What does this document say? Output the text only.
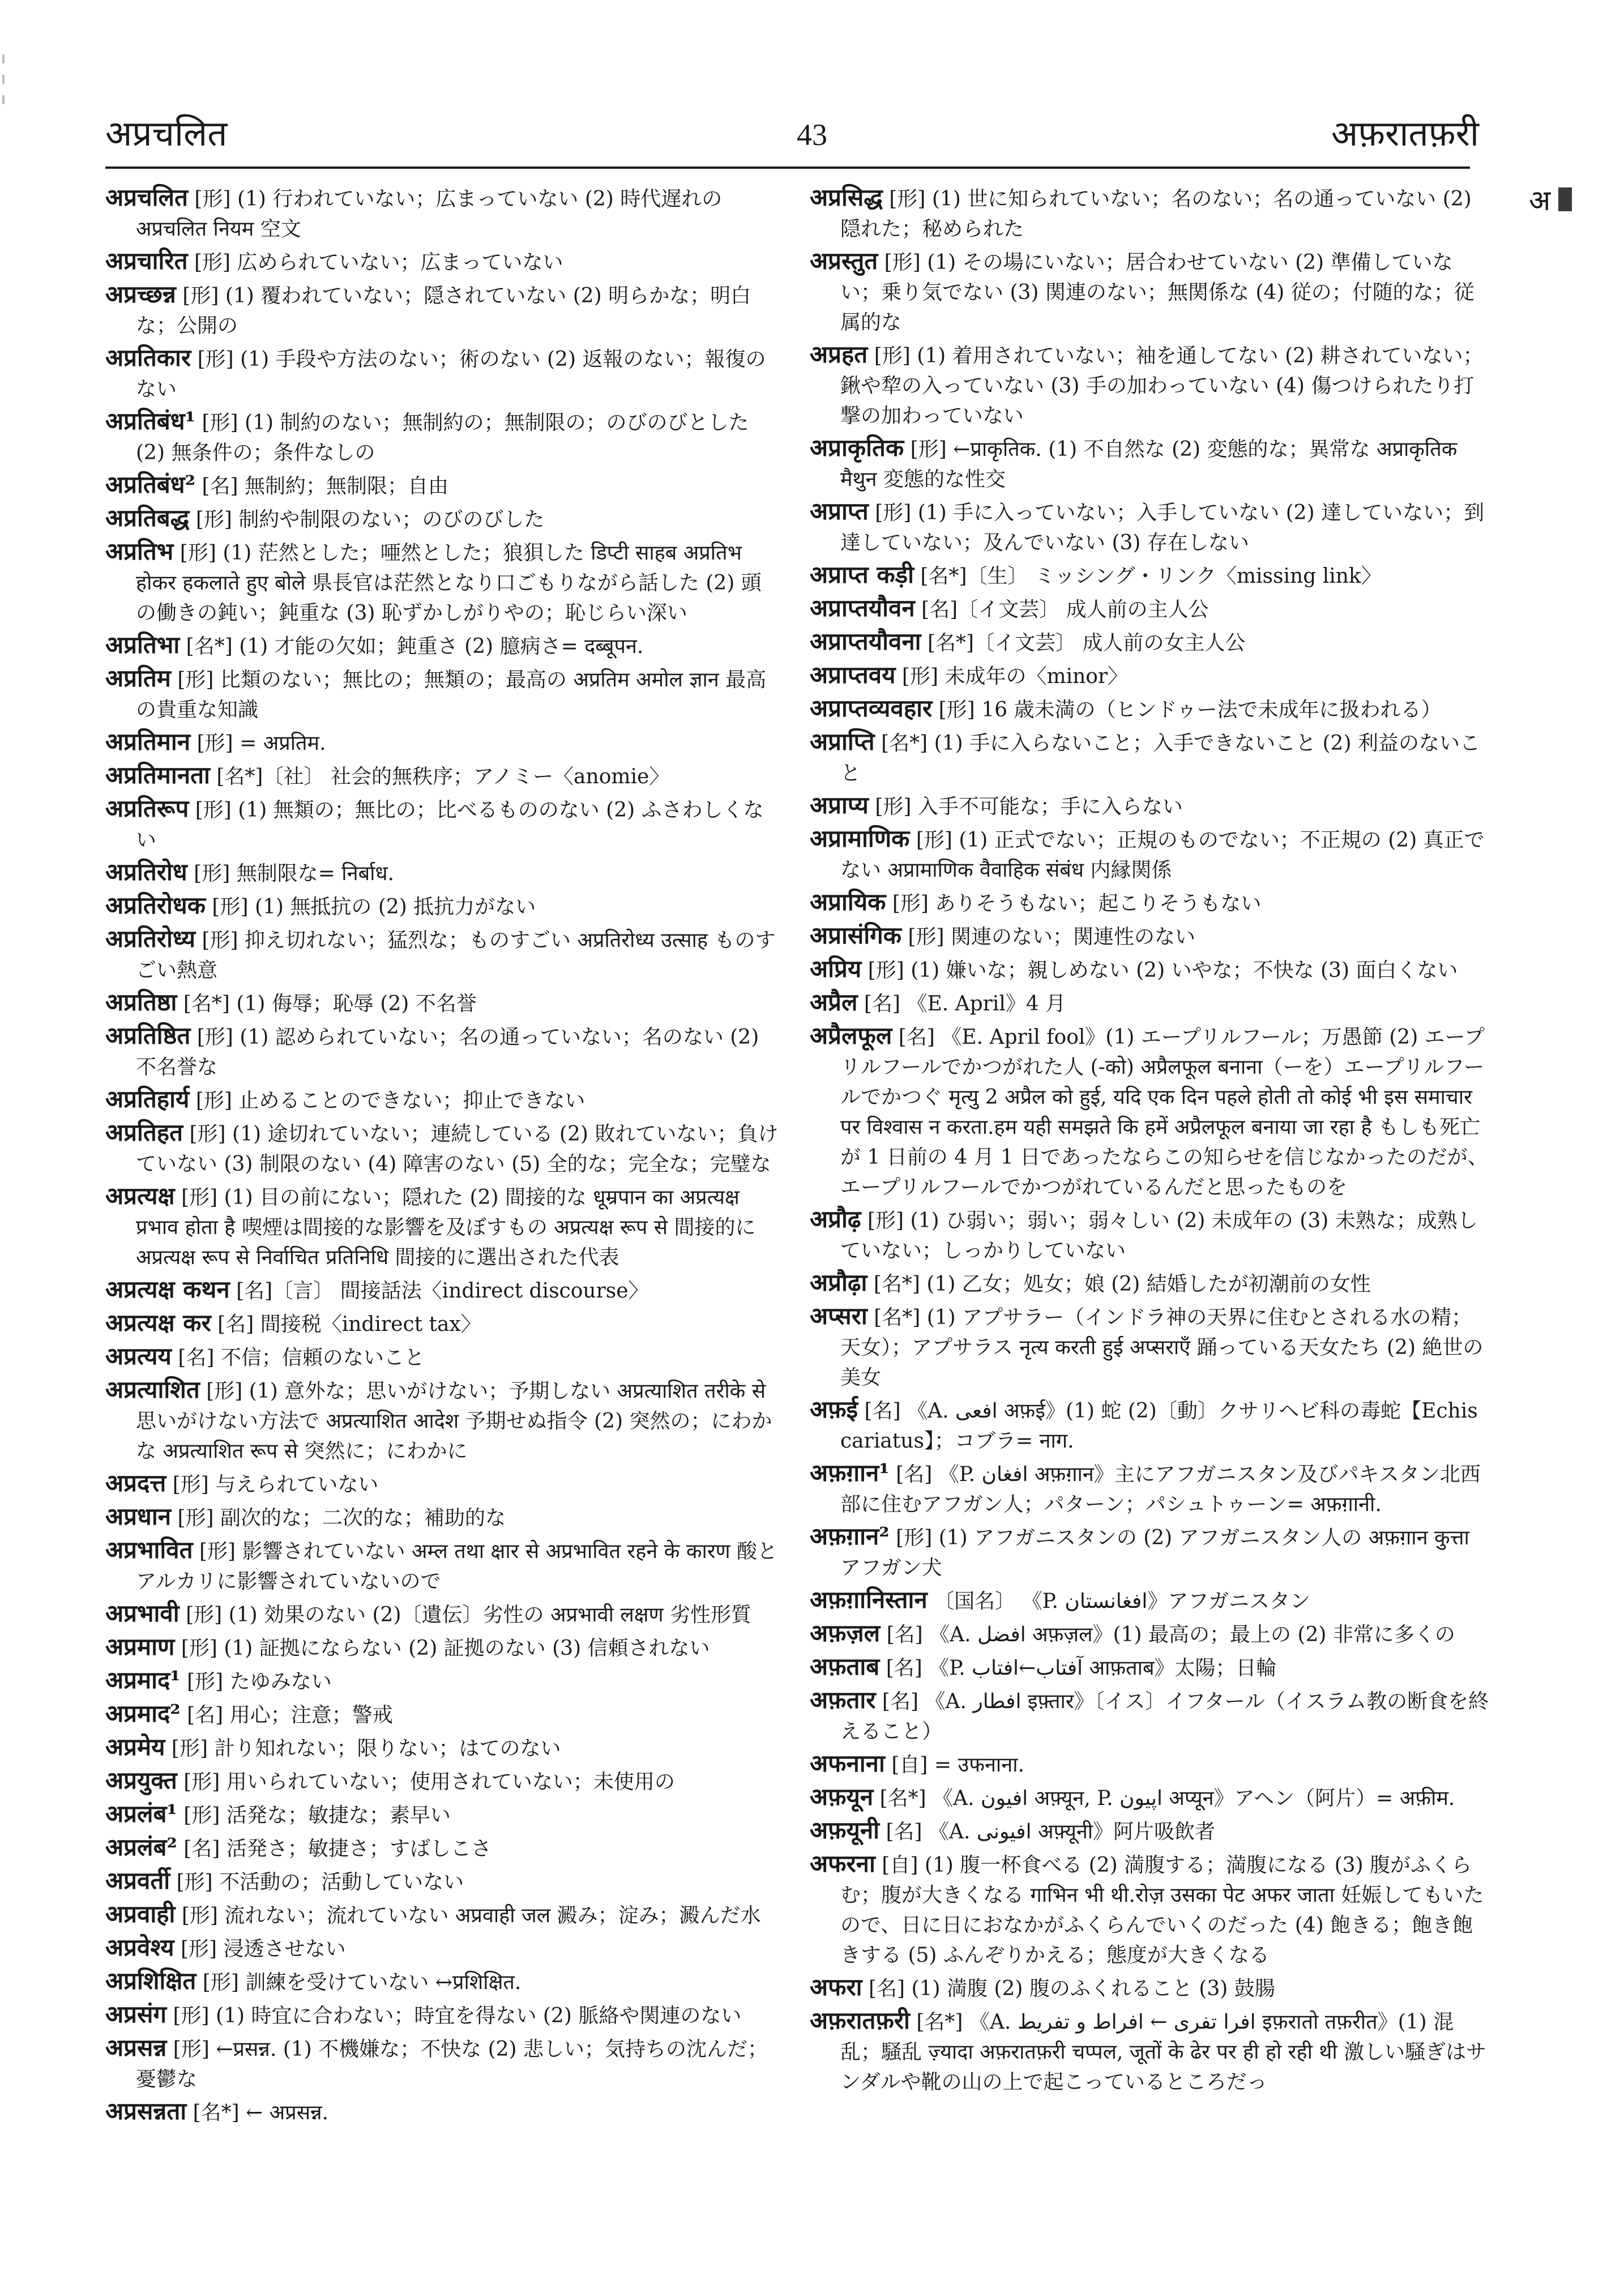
अप्रचलित	43	अफ़रातफ़री
अ

अप्रचलित [形] (1) 行われていない；広まっていない (2) 時代遅れの अप्रचलित नियम 空文

अप्रचारित [形] 広められていない；広まっていない

अप्रच्छन्न [形] (1) 覆われていない；隠されていない (2) 明らかな；明白な；公開の

अप्रतिकार [形] (1) 手段や方法のない；術のない (2) 返報のない；報復のない

अप्रतिबंध¹ [形] (1) 制約のない；無制約の；無制限の；のびのびとした (2) 無条件の；条件なしの

अप्रतिबंध² [名] 無制約；無制限；自由

अप्रतिबद्ध [形] 制約や制限のない；のびのびした

अप्रतिभ [形] (1) 茫然とした；唖然とした；狼狽した डिप्टी साहब अप्रतिभ होकर हकलाते हुए बोले 県長官は茫然となり口ごもりながら話した (2) 頭の働きの鈍い；鈍重な (3) 恥ずかしがりやの；恥じらい深い

अप्रतिभा [名*] (1) 才能の欠如；鈍重さ (2) 臆病さ= दब्बूपन.

अप्रतिम [形] 比類のない；無比の；無類の；最高の अप्रतिम अमोल ज्ञान 最高の貴重な知識

अप्रतिमान [形] = अप्रतिम.

अप्रतिमानता [名*]〔社〕 社会的無秩序；アノミー〈anomie〉

अप्रतिरूप [形] (1) 無類の；無比の；比べるもののない (2) ふさわしくない

अप्रतिरोध [形] 無制限な= निर्बाध.

अप्रतिरोधक [形] (1) 無抵抗の (2) 抵抗力がない

अप्रतिरोध्य [形] 抑え切れない；猛烈な；ものすごい अप्रतिरोध्य उत्साह ものすごい熱意

अप्रतिष्ठा [名*] (1) 侮辱；恥辱 (2) 不名誉

अप्रतिष्ठित [形] (1) 認められていない；名の通っていない；名のない (2) 不名誉な

अप्रतिहार्य [形] 止めることのできない；抑止できない

अप्रतिहत [形] (1) 途切れていない；連続している (2) 敗れていない；負けていない (3) 制限のない (4) 障害のない (5) 全的な；完全な；完璧な

अप्रत्यक्ष [形] (1) 目の前にない；隠れた (2) 間接的な धूम्रपान का अप्रत्यक्ष प्रभाव होता है 喫煙は間接的な影響を及ぼすもの अप्रत्यक्ष रूप से 間接的に अप्रत्यक्ष रूप से निर्वाचित प्रतिनिधि 間接的に選出された代表

अप्रत्यक्ष कथन [名]〔言〕 間接話法〈indirect discourse〉

अप्रत्यक्ष कर [名] 間接税〈indirect tax〉

अप्रत्यय [名] 不信；信頼のないこと

अप्रत्याशित [形] (1) 意外な；思いがけない；予期しない अप्रत्याशित तरीके से 思いがけない方法で अप्रत्याशित आदेश 予期せぬ指令 (2) 突然の；にわかな अप्रत्याशित रूप से 突然に；にわかに

अप्रदत्त [形] 与えられていない

अप्रधान [形] 副次的な；二次的な；補助的な

अप्रभावित [形] 影響されていない अम्ल तथा क्षार से अप्रभावित रहने के कारण 酸とアルカリに影響されていないので

अप्रभावी [形] (1) 効果のない (2)〔遺伝〕劣性の अप्रभावी लक्षण 劣性形質

अप्रमाण [形] (1) 証拠にならない (2) 証拠のない (3) 信頼されない

अप्रमाद¹ [形] たゆみない

अप्रमाद² [名] 用心；注意；警戒

अप्रमेय [形] 計り知れない；限りない；はてのない

अप्रयुक्त [形] 用いられていない；使用されていない；未使用の

अप्रलंब¹ [形] 活発な；敏捷な；素早い

अप्रलंब² [名] 活発さ；敏捷さ；すばしこさ

अप्रवर्ती [形] 不活動の；活動していない

अप्रवाही [形] 流れない；流れていない अप्रवाही जल 澱み；淀み；澱んだ水

अप्रवेश्य [形] 浸透させない

अप्रशिक्षित [形] 訓練を受けていない ↔प्रशिक्षित.

अप्रसंग [形] (1) 時宜に合わない；時宜を得ない (2) 脈絡や関連のない

अप्रसन्न [形] ←प्रसन्न. (1) 不機嫌な；不快な (2) 悲しい；気持ちの沈んだ；憂鬱な

अप्रसन्नता [名*] ← अप्रसन्न.

अप्रसिद्ध [形] (1) 世に知られていない；名のない；名の通っていない (2) 隠れた；秘められた

अप्रस्तुत [形] (1) その場にいない；居合わせていない (2) 準備していない；乗り気でない (3) 関連のない；無関係な (4) 従の；付随的な；従属的な

अप्रहत [形] (1) 着用されていない；袖を通してない (2) 耕されていない；鍬や犂の入っていない (3) 手の加わっていない (4) 傷つけられたり打撃の加わっていない

अप्राकृतिक [形] ←प्राकृतिक. (1) 不自然な (2) 変態的な；異常な अप्राकृतिक मैथुन 変態的な性交

अप्राप्त [形] (1) 手に入っていない；入手していない (2) 達していない；到達していない；及んでいない (3) 存在しない

अप्राप्त कड़ी [名*]〔生〕 ミッシング・リンク〈missing link〉

अप्राप्तयौवन [名]〔イ文芸〕 成人前の主人公

अप्राप्तयौवना [名*]〔イ文芸〕 成人前の女主人公

अप्राप्तवय [形] 未成年の〈minor〉

अप्राप्तव्यवहार [形] 16 歳未満の（ヒンドゥー法で未成年に扱われる）

अप्राप्ति [名*] (1) 手に入らないこと；入手できないこと (2) 利益のないこと

अप्राप्य [形] 入手不可能な；手に入らない

अप्रामाणिक [形] (1) 正式でない；正規のものでない；不正規の (2) 真正でない अप्रामाणिक वैवाहिक संबंध 内縁関係

अप्रायिक [形] ありそうもない；起こりそうもない

अप्रासंगिक [形] 関連のない；関連性のない

अप्रिय [形] (1) 嫌いな；親しめない (2) いやな；不快な (3) 面白くない

अप्रैल [名] 《E. April》4 月

अप्रैलफूल [名] 《E. April fool》(1) エープリルフール；万愚節 (2) エープリルフールでかつがれた人 (-को) अप्रैलफूल बनाना（ーを）エープリルフールでかつぐ मृत्यु 2 अप्रैल को हुई, यदि एक दिन पहले होती तो कोई भी इस समाचार पर विश्वास न करता.हम यही समझते कि हमें अप्रैलफूल बनाया जा रहा है もしも死亡が 1 日前の 4 月 1 日であったならこの知らせを信じなかったのだが、エープリルフールでかつがれているんだと思ったものを

अप्रौढ़ [形] (1) ひ弱い；弱い；弱々しい (2) 未成年の (3) 未熟な；成熟していない；しっかりしていない

अप्रौढ़ा [名*] (1) 乙女；処女；娘 (2) 結婚したが初潮前の女性

अप्सरा [名*] (1) アプサラー（インドラ神の天界に住むとされる水の精；天女）；アプサラス नृत्य करती हुई अप्सराएँ 踊っている天女たち (2) 絶世の美女

अफ़ई [名] 《A. افعی अफ़ई》(1) 蛇 (2)〔動〕クサリヘビ科の毒蛇【Echis cariatus】；コブラ= नाग.

अफ़ग़ान¹ [名] 《P. افغان अफ़ग़ान》主にアフガニスタン及びパキスタン北西部に住むアフガン人；パターン；パシュトゥーン= अफ़ग़ानी.

अफ़ग़ान² [形] (1) アフガニスタンの (2) アフガニスタン人の अफ़ग़ान कुत्ता アフガン犬

अफ़ग़ानिस्तान 〔国名〕 《P. افغانستان》アフガニスタン

अफ़ज़ल [名] 《A. افضل अफ़ज़ल》(1) 最高の；最上の (2) 非常に多くの

अफ़ताब [名] 《P. آفتاب←افتاب आफ़ताब》太陽；日輪

अफ़तार [名] 《A. افطار इफ़्तार》〔イス〕イフタール（イスラム教の断食を終えること）

अफनाना [自] = उफनाना.

अफ़यून [名*] 《A. افیون अफ़्यून, P. اپیون अप्यून》アヘン（阿片）= अफ़ीम.

अफ़यूनी [名] 《A. افیونی अफ़्यूनी》阿片吸飲者

अफरना [自] (1) 腹一杯食べる (2) 満腹する；満腹になる (3) 腹がふくらむ；腹が大きくなる गाभिन भी थी.रोज़ उसका पेट अफर जाता 妊娠してもいたので、日に日におなかがふくらんでいくのだった (4) 飽きる；飽き飽きする (5) ふんぞりかえる；態度が大きくなる

अफरा [名] (1) 満腹 (2) 腹のふくれること (3) 鼓腸

अफ़रातफ़री [名*] 《A. افرا تفری ← افراط و تفریط इफ़रातो तफ़रीत》(1) 混乱；騒乱 ज़्यादा अफ़रातफ़री चप्पल, जूतों के ढेर पर ही हो रही थी 激しい騒ぎはサンダルや靴の山の上で起こっているところだっ
